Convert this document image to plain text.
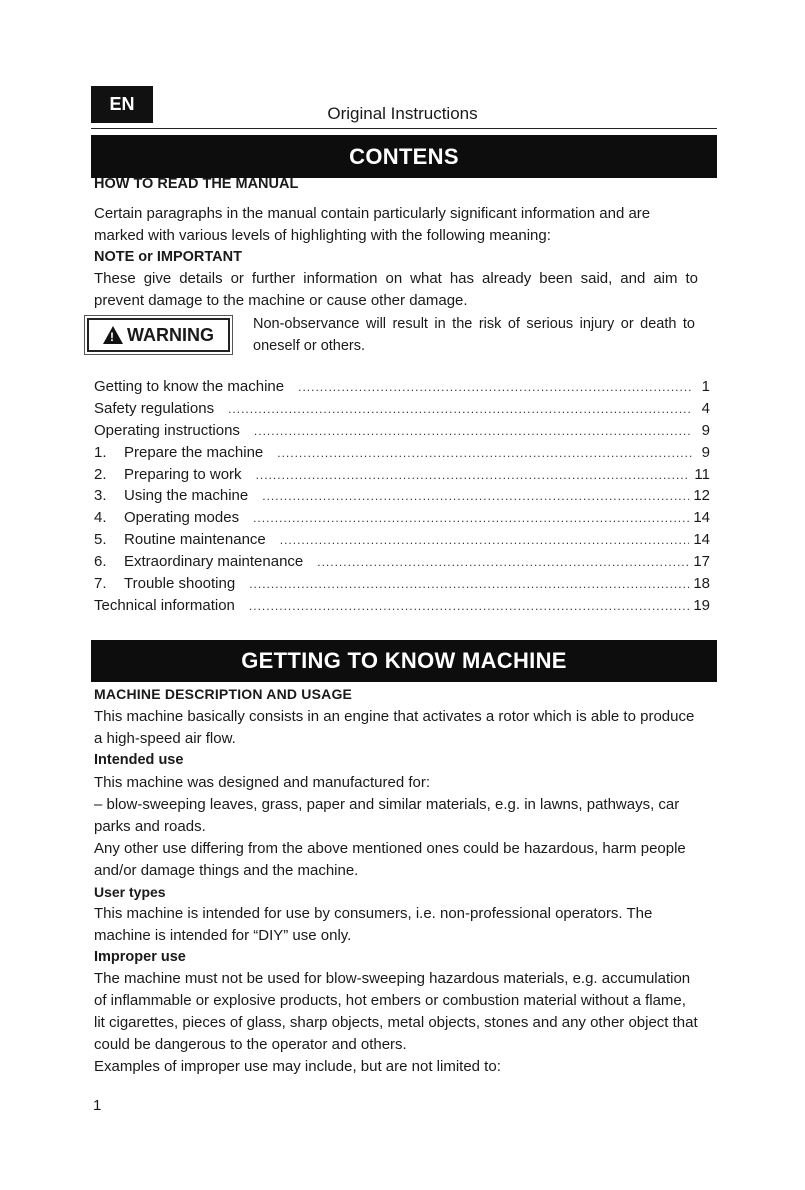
EN	Original Instructions
CONTENS
HOW TO READ THE MANUAL
Certain paragraphs in the manual contain particularly significant information and are marked with various levels of highlighting with the following meaning:
NOTE or IMPORTANT
These give details or further information on what has already been said, and aim to prevent damage to the machine or cause other damage.
! WARNING
Non-observance will result in the risk of serious injury or death to oneself or others.
Getting to know the machine .....	1
Safety regulations .....	4
Operating instructions .....	9
1.	Prepare the machine .....	9
2.	Preparing to work .....	11
3.	Using the machine .....	12
4.	Operating modes .....	14
5.	Routine maintenance .....	14
6.	Extraordinary maintenance .....	17
7.	Trouble shooting .....	18
Technical information .....	19
GETTING TO KNOW MACHINE
MACHINE DESCRIPTION AND USAGE
This machine basically consists in an engine that activates a rotor which is able to produce a high-speed air flow.
Intended use
This machine was designed and manufactured for:
– blow-sweeping leaves, grass, paper and similar materials, e.g. in lawns, pathways, car parks and roads.
Any other use differing from the above mentioned ones could be hazardous, harm people and/or damage things and the machine.
User types
This machine is intended for use by consumers, i.e. non-professional operators. The machine is intended for “DIY” use only.
Improper use
The machine must not be used for blow-sweeping hazardous materials, e.g. accumulation of inflammable or explosive products, hot embers or combustion material without a flame, lit cigarettes, pieces of glass, sharp objects, metal objects, stones and any other object that could be dangerous to the operator and others.
Examples of improper use may include, but are not limited to:
1
